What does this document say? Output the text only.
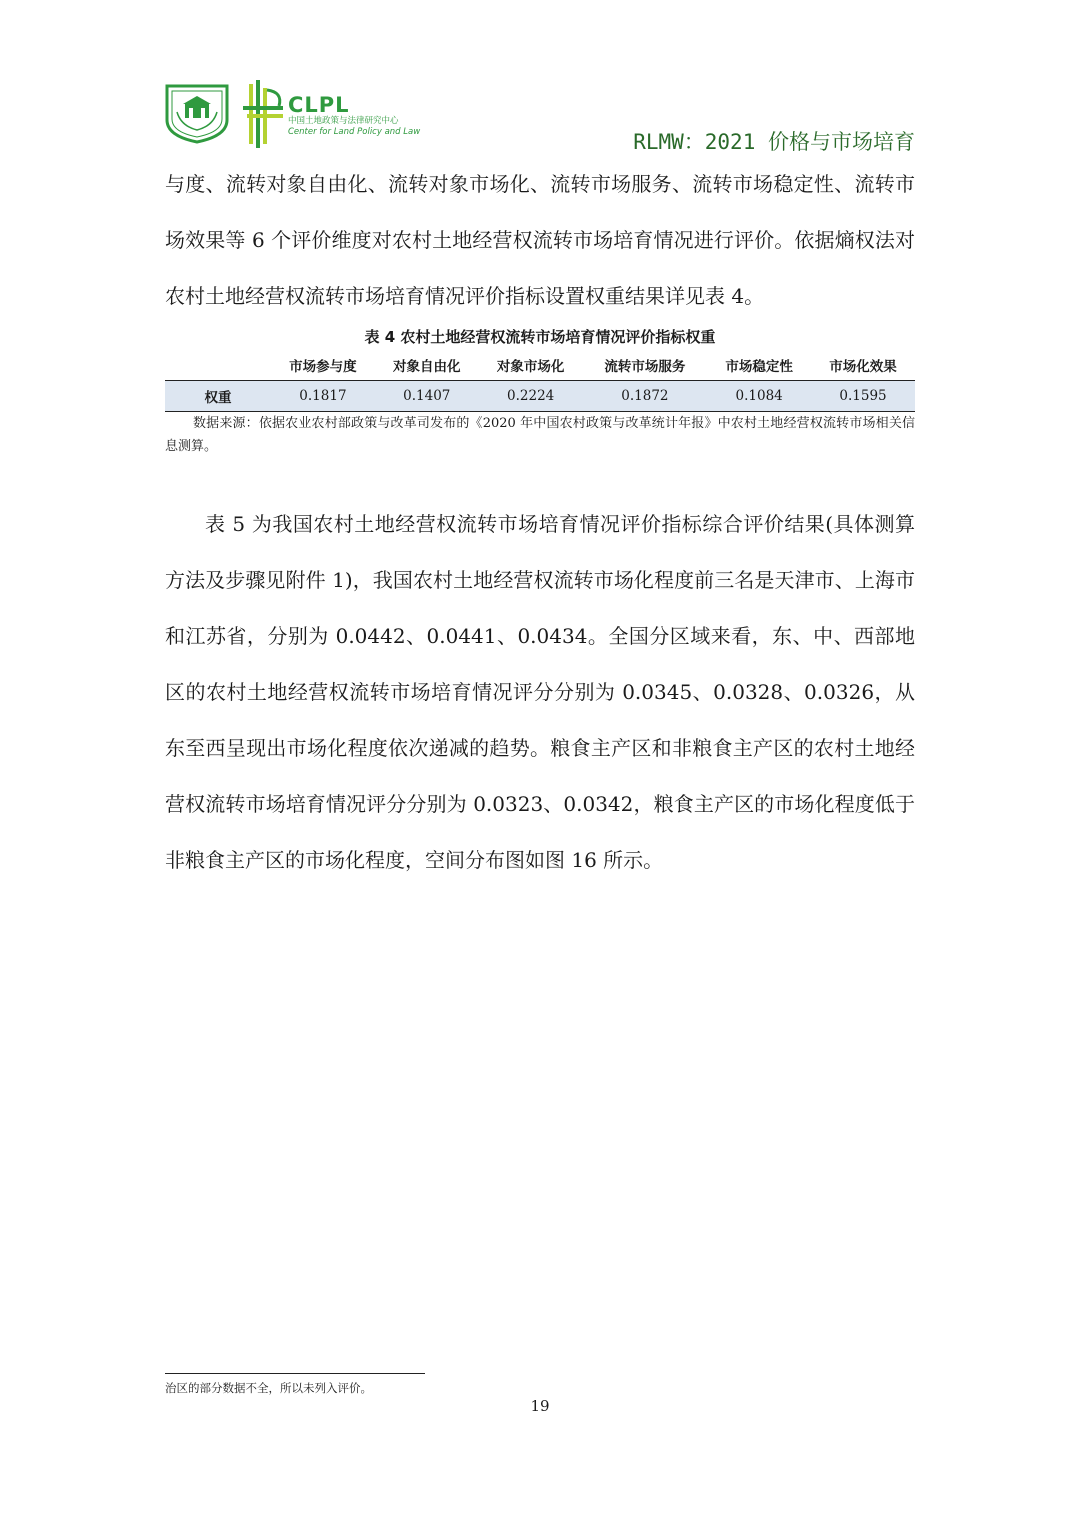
CLPL
中国土地政策与法律研究中心
Center for Land Policy and Law	RLMW：2021 价格与市场培育

与度、流转对象自由化、流转对象市场化、流转市场服务、流转市场稳定性、流转市场效果等 6 个评价维度对农村土地经营权流转市场培育情况进行评价。依据熵权法对农村土地经营权流转市场培育情况评价指标设置权重结果详见表 4。

表 4 农村土地经营权流转市场培育情况评价指标权重
	市场参与度	对象自由化	对象市场化	流转市场服务	市场稳定性	市场化效果
权重	0.1817	0.1407	0.2224	0.1872	0.1084	0.1595
数据来源：依据农业农村部政策与改革司发布的《2020 年中国农村政策与改革统计年报》中农村土地经营权流转市场相关信息测算。

表 5 为我国农村土地经营权流转市场培育情况评价指标综合评价结果(具体测算方法及步骤见附件 1)，我国农村土地经营权流转市场化程度前三名是天津市、上海市和江苏省，分别为 0.0442、0.0441、0.0434。全国分区域来看，东、中、西部地区的农村土地经营权流转市场培育情况评分分别为 0.0345、0.0328、0.0326，从东至西呈现出市场化程度依次递减的趋势。粮食主产区和非粮食主产区的农村土地经营权流转市场培育情况评分分别为 0.0323、0.0342，粮食主产区的市场化程度低于非粮食主产区的市场化程度，空间分布图如图 16 所示。

治区的部分数据不全，所以未列入评价。
19
